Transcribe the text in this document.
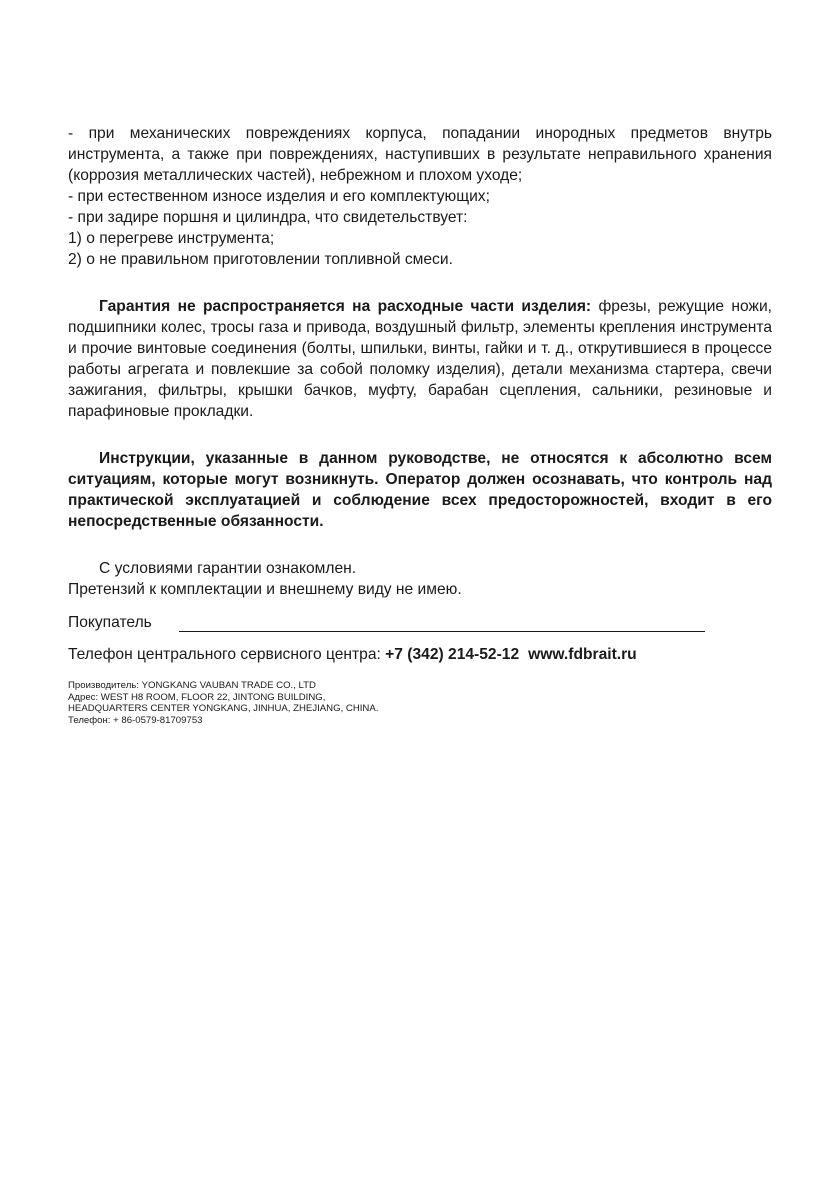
- при механических повреждениях корпуса, попадании инородных предметов внутрь инструмента, а также при повреждениях, наступивших в результате неправильного хранения (коррозия металлических частей), небрежном и плохом уходе;

- при естественном износе изделия и его комплектующих;

- при задире поршня и цилиндра, что свидетельствует:

1) о перегреве инструмента;

2) о не правильном приготовлении топливной смеси.

Гарантия не распространяется на расходные части изделия: фрезы, режущие ножи, подшипники колес, тросы газа и привода, воздушный фильтр, элементы крепления инструмента и прочие винтовые соединения (болты, шпильки, винты, гайки и т. д., открутившиеся в процессе работы агрегата и повлекшие за собой поломку изделия), детали механизма стартера, свечи зажигания, фильтры, крышки бачков, муфту, барабан сцепления, сальники, резиновые и парафиновые прокладки.
Инструкции, указанные в данном руководстве, не относятся к абсолютно всем ситуациям, которые могут возникнуть. Оператор должен осознавать, что контроль над практической эксплуатацией и соблюдение всех предосторожностей, входит в его непосредственные обязанности.

С условиями гарантии ознакомлен.

Претензий к комплектации и внешнему виду не имею.

Покупатель
Телефон центрального сервисного центра: +7 (342) 214-52-12 www.fdbrait.ru
Производитель: YONGKANG VAUBAN TRADE CO., LTD
Адрес: WEST H8 ROOM, FLOOR 22, JINTONG BUILDING,
HEADQUARTERS CENTER YONGKANG, JINHUA, ZHEJIANG, CHINA.
Телефон: + 86-0579-81709753
